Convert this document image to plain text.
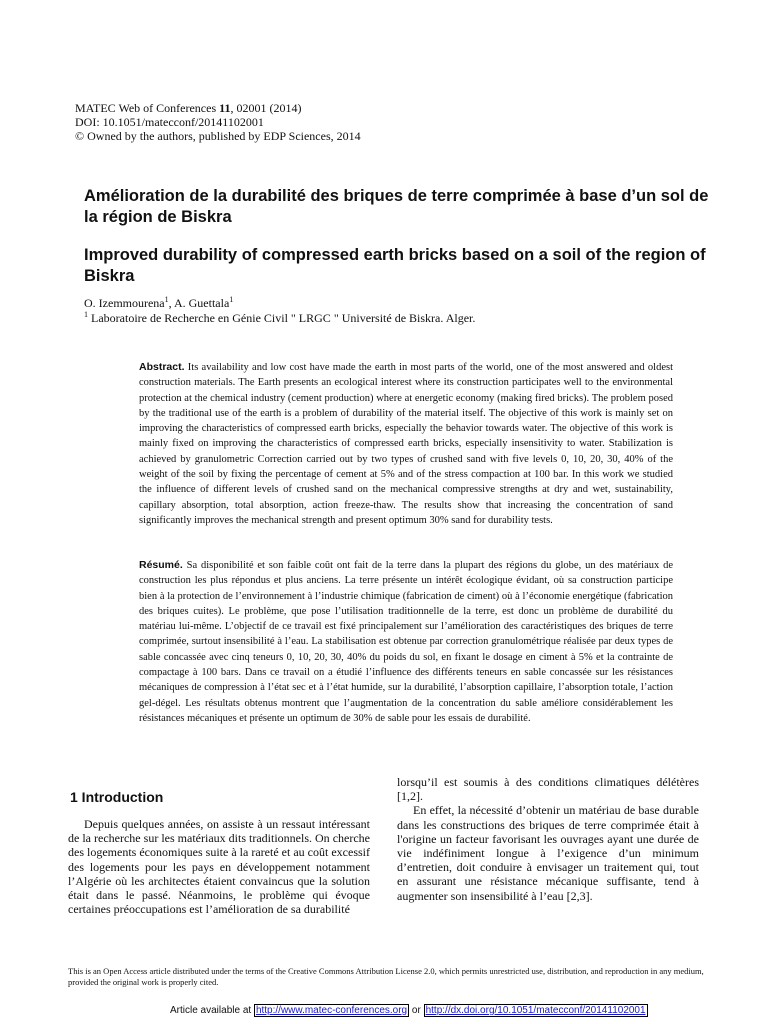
MATEC Web of Conferences 11, 02001 (2014)
DOI: 10.1051/matecconf/20141102001
© Owned by the authors, published by EDP Sciences, 2014
Amélioration de la durabilité des briques de terre comprimée à base d’un sol de la région de Biskra
Improved durability of compressed earth bricks based on a soil of the region of Biskra
O. Izemmourena$^1$, A. Guettala$^1$
$^1$ Laboratoire de Recherche en Génie Civil " LRGC " Université de Biskra. Alger.
Abstract. Its availability and low cost have made the earth in most parts of the world, one of the most answered and oldest construction materials. The Earth presents an ecological interest where its construction participates well to the environmental protection at the chemical industry (cement production) where at energetic economy (making fired bricks). The problem posed by the traditional use of the earth is a problem of durability of the material itself. The objective of this work is mainly set on improving the characteristics of compressed earth bricks, especially the behavior towards water. The objective of this work is mainly fixed on improving the characteristics of compressed earth bricks, especially insensitivity to water. Stabilization is achieved by granulometric Correction carried out by two types of crushed sand with five levels 0, 10, 20, 30, 40% of the weight of the soil by fixing the percentage of cement at 5% and of the stress compaction at 100 bar. In this work we studied the influence of different levels of crushed sand on the mechanical compressive strengths at dry and wet, sustainability, capillary absorption, total absorption, action freeze-thaw. The results show that increasing the concentration of sand significantly improves the mechanical strength and present optimum 30% sand for durability tests.
Résumé. Sa disponibilité et son faible coût ont fait de la terre dans la plupart des régions du globe, un des matériaux de construction les plus répondus et plus anciens. La terre présente un intérêt écologique évidant, où sa construction participe bien à la protection de l’environnement à l’industrie chimique (fabrication de ciment) où à l’économie energétique (fabrication des briques cuites). Le problème, que pose l’utilisation traditionnelle de la terre, est donc un problème de durabilité du matériau lui-même. L’objectif de ce travail est fixé principalement sur l’amélioration des caractéristiques des briques de terre comprimée, surtout insensibilité à l’eau. La stabilisation est obtenue par correction granulométrique réalisée par deux types de sable concassée avec cinq teneurs 0, 10, 20, 30, 40% du poids du sol, en fixant le dosage en ciment à 5% et la contrainte de compactage à 100 bars. Dans ce travail on a étudié l’influence des différents teneurs en sable concassée sur les résistances mécaniques de compression à l’état sec et à l’état humide, sur la durabilité, l’absorption capillaire, l’absorption totale, l’action gel-dégel. Les résultats obtenus montrent que l’augmentation de la concentration du sable améliore considérablement les résistances mécaniques et présente un optimum de 30% de sable pour les essais de durabilité.
1 Introduction

Depuis quelques années, on assiste à un ressaut intéressant de la recherche sur les matériaux dits traditionnels. On cherche des logements économiques suite à la rareté et au coût excessif des logements pour les pays en développement notamment l’Algérie où les architectes étaient convaincus que la solution était dans le passé. Néanmoins, le problème qui évoque certaines préoccupations est l’amélioration de sa durabilité

lorsqu’il est soumis à des conditions climatiques délétères [1,2].

En effet, la nécessité d’obtenir un matériau de base durable dans les constructions des briques de terre comprimée était à l'origine un facteur favorisant les ouvrages ayant une durée de vie indéfiniment longue à l’exigence d’un minimum d’entretien, doit conduire à envisager un traitement qui, tout en assurant une résistance mécanique suffisante, tend à augmenter son insensibilité à l’eau [2,3].

This is an Open Access article distributed under the terms of the Creative Commons Attribution License 2.0, which permits unrestricted use, distribution, and reproduction in any medium, provided the original work is properly cited.
Article available at http://www.matec-conferences.org or http://dx.doi.org/10.1051/matecconf/20141102001
